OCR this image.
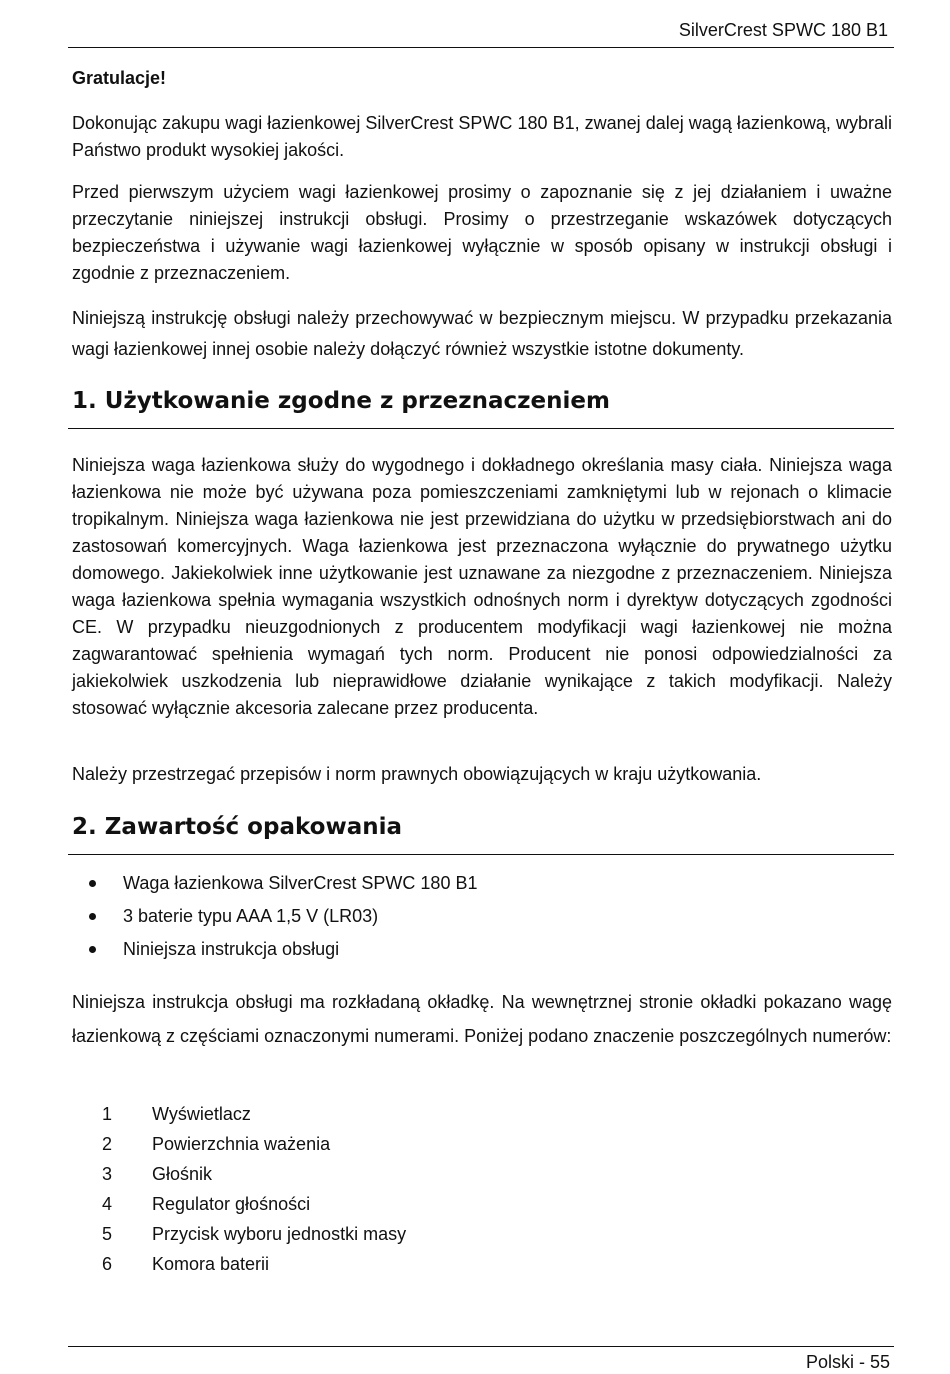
SilverCrest SPWC 180 B1
Gratulacje!

Dokonując zakupu wagi łazienkowej SilverCrest SPWC 180 B1, zwanej dalej wagą łazienkową, wybrali Państwo produkt wysokiej jakości.

Przed pierwszym użyciem wagi łazienkowej prosimy o zapoznanie się z jej działaniem i uważne przeczytanie niniejszej instrukcji obsługi. Prosimy o przestrzeganie wskazówek dotyczących bezpieczeństwa i używanie wagi łazienkowej wyłącznie w sposób opisany w instrukcji obsługi i zgodnie z przeznaczeniem.

Niniejszą instrukcję obsługi należy przechowywać w bezpiecznym miejscu. W przypadku przekazania wagi łazienkowej innej osobie należy dołączyć również wszystkie istotne dokumenty.

1. Użytkowanie zgodne z przeznaczeniem

Niniejsza waga łazienkowa służy do wygodnego i dokładnego określania masy ciała. Niniejsza waga łazienkowa nie może być używana poza pomieszczeniami zamkniętymi lub w rejonach o klimacie tropikalnym. Niniejsza waga łazienkowa nie jest przewidziana do użytku w przedsiębiorstwach ani do zastosowań komercyjnych. Waga łazienkowa jest przeznaczona wyłącznie do prywatnego użytku domowego. Jakiekolwiek inne użytkowanie jest uznawane za niezgodne z przeznaczeniem. Niniejsza waga łazienkowa spełnia wymagania wszystkich odnośnych norm i dyrektyw dotyczących zgodności CE. W przypadku nieuzgodnionych z producentem modyfikacji wagi łazienkowej nie można zagwarantować spełnienia wymagań tych norm. Producent nie ponosi odpowiedzialności za jakiekolwiek uszkodzenia lub nieprawidłowe działanie wynikające z takich modyfikacji. Należy stosować wyłącznie akcesoria zalecane przez producenta.

Należy przestrzegać przepisów i norm prawnych obowiązujących w kraju użytkowania.

2. Zawartość opakowania
Waga łazienkowa SilverCrest SPWC 180 B1
3 baterie typu AAA 1,5 V (LR03)
Niniejsza instrukcja obsługi

Niniejsza instrukcja obsługi ma rozkładaną okładkę. Na wewnętrznej stronie okładki pokazano wagę łazienkową z częściami oznaczonymi numerami. Poniżej podano znaczenie poszczególnych numerów:

1 Wyświetlacz
2 Powierzchnia ważenia
3 Głośnik
4 Regulator głośności
5 Przycisk wyboru jednostki masy
6 Komora baterii
Polski - 55
